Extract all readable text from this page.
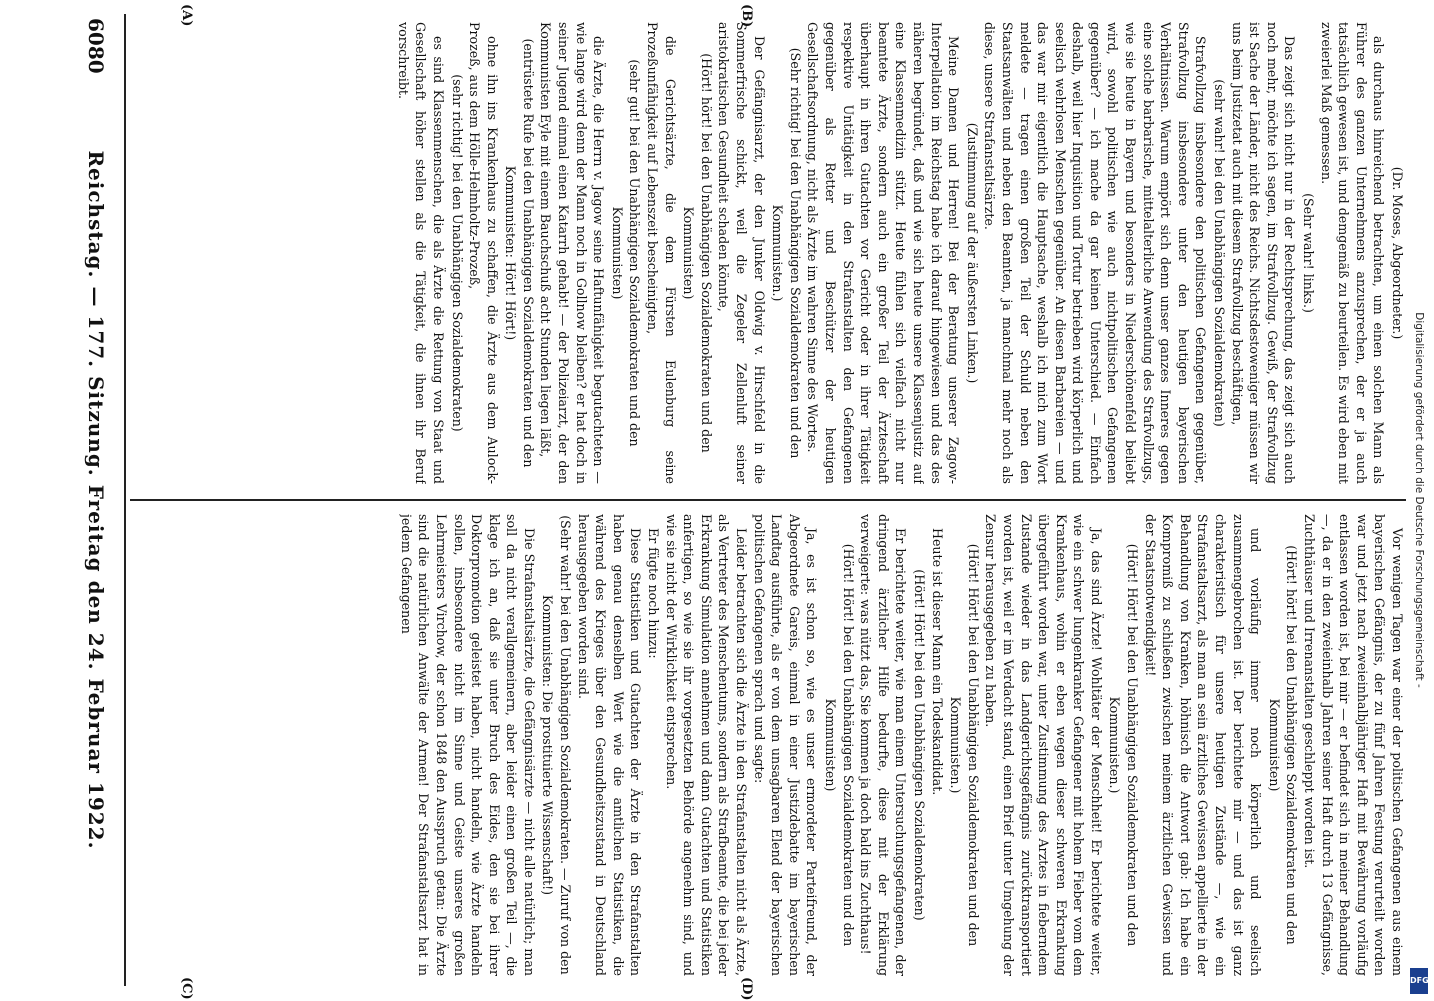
6080
Reichstag. — 177. Sitzung. Freitag den 24. Februar 1922.	(Dr. Moses, Abgeordneter.)

als durchaus hinreichend betrachten, um einen solchen Mann als Führer des ganzen Unternehmens anzusprechen, der er ja auch tatsächlich gewesen ist, und demgemäß zu beurteilen. Es wird eben mit zweierlei Maß gemessen.

(Sehr wahr! links.)

Das zeigt sich nicht nur in der Rechtsprechung, das zeigt sich auch noch mehr, möchte ich sagen, im Strafvollzug. Gewiß, der Strafvollzug ist Sache der Länder, nicht des Reichs. Nichtsdestoweniger müssen wir uns beim Justizetat auch mit diesem Strafvollzug beschäftigen,

(sehr wahr! bei den Unabhängigen Sozialdemokraten)

Strafvollzug insbesondere den politischen Gefangenen gegenüber, Strafvollzug insbesondere unter den heutigen bayerischen Verhältnissen. Warum empört sich denn unser ganzes Inneres gegen eine solche barbarische, mittelalterliche Anwendung des Strafvollzugs, wie sie heute in Bayern und besonders in Niederschönenfeld beliebt wird, sowohl politischen wie auch nichtpolitischen Gefangenen gegenüber? — ich mache da gar keinen Unterschied. — Einfach deshalb, weil hier Inquisition und Tortur betrieben wird körperlich und seelisch wehrlosen Menschen gegenüber. An diesen Barbareien — und das war mir eigentlich die Hauptsache, weshalb ich mich zum Wort meldete — tragen einen großen Teil der Schuld neben den Staatsanwälten und neben den Beamten, ja manchmal mehr noch als diese, unsere Strafanstaltsärzte.

(Zustimmung auf der äußersten Linken.)

Meine Damen und Herren! Bei der Beratung unserer Zagow-Interpellation im Reichstag habe ich darauf hingewiesen und das des näheren begründet, daß und wie sich heute unsere Klassenjustiz auf eine Klassenmedizin stützt. Heute fühlen sich vielfach nicht nur beamtete Ärzte, sondern auch ein großer Teil der Ärzteschaft überhaupt in ihren Gutachten vor Gericht oder in ihrer Tätigkeit respektive Untätigkeit in den Strafanstalten den Gefangenen gegenüber als Retter und Beschützer der heutigen Gesellschaftsordnung, nicht als Ärzte im wahren Sinne des Wortes.

(Sehr richtig! bei den Unabhängigen Sozialdemokraten und den Kommunisten.)

Der Gefängnisarzt, der den Junker Oldwig v. Hirschfeld in die Sommerfrische schickt, weil die Zegeler Zellenluft seiner aristokratischen Gesundheit schaden könnte,

(Hört! hört! bei den Unabhängigen Sozialdemokraten und den Kommunisten)

die Gerichtsärzte, die dem Fürsten Eulenburg seine Prozeßunfähigkeit auf Lebenszeit bescheinigten,

(sehr gut! bei den Unabhängigen Sozialdemokraten und den Kommunisten)

die Ärzte, die Herrn v. Jagow seine Haftunfähigkeit begutachteten — wie lange wird denn der Mann noch in Gollnow bleiben? er hat doch in seiner Jugend einmal einen Katarrh gehabt! — der Polizeiarzt, der den Kommunisten Eyle mit einem Bauchschuß acht Stunden liegen läßt,

(entrüstete Rufe bei den Unabhängigen Sozialdemokraten und den Kommunisten: Hört! Hört!)

ohne ihn ins Krankenhaus zu schaffen, die Ärzte aus dem Aulock-Prozeß, aus dem Hölle-Helmholtz-Prozeß,

(sehr richtig! bei den Unabhängigen Sozialdemokraten)

es sind Klassenmenschen, die als Ärzte die Rettung von Staat und Gesellschaft höher stellen als die Tätigkeit, die ihnen ihr Beruf vorschreibt.

Vor wenigen Tagen war einer der politischen Gefangenen aus einem bayerischen Gefängnis, der zu fünf Jahren Festung verurteilt worden war und jetzt nach zweieinhalbjähriger Haft mit Bewährung vorläufig entlassen worden ist, bei mir — er befindet sich in meiner Behandlung —, da er in den zweieinhalb Jahren seiner Haft durch 13 Gefängnisse, Zuchthäuser und Irrenanstalten geschleppt worden ist.

(Hört! hört! bei den Unabhängigen Sozialdemokraten und den Kommunisten)

und vorläufig immer noch körperlich und seelisch zusammengebrochen ist. Der berichtete mir — und das ist ganz charakteristisch für unsere heutigen Zustände —, wie ein Strafanstaltsarzt, als man an sein ärztliches Gewissen appellierte in der Behandlung von Kranken, höhnisch die Antwort gab: Ich habe ein Kompromiß zu schließen zwischen meinem ärztlichen Gewissen und der Staatsnotwendigkeit!

(Hört! Hört! bei den Unabhängigen Sozialdemokraten und den Kommunisten.)

Ja, das sind Ärzte! Wohltäter der Menschheit! Er berichtete weiter, wie ein schwer lungenkranker Gefangener mit hohem Fieber vom dem Krankenhaus, wohin er eben wegen dieser schweren Erkrankung übergeführt worden war, unter Zustimmung des Arztes in fieberndem Zustande wieder in das Landgerichtsgefängnis zurücktransportiert worden ist, weil er im Verdacht stand, einen Brief unter Umgehung der Zensur herausgegeben zu haben.

(Hört! Hört! bei den Unabhängigen Sozialdemokraten und den Kommunisten.)

Heute ist dieser Mann ein Todeskandidat.

(Hört! Hört! bei den Unabhängigen Sozialdemokraten)

Er berichtete weiter, wie man einem Untersuchungsgefangenen, der dringend ärztlicher Hilfe bedurfte, diese mit der Erklärung verweigerte: was nützt das, Sie kommen ja doch bald ins Zuchthaus!

(Hört! Hört! bei den Unabhängigen Sozialdemokraten und den Kommunisten)

Ja, es ist schon so, wie es unser ermordeter Parteifreund, der Abgeordnete Gareis, einmal in einer Justizdebatte im bayerischen Landtag ausführte, als er von dem unsagbaren Elend der bayerischen politischen Gefangenen sprach und sagte:

Leider betrachten sich die Ärzte in den Strafanstalten nicht als Ärzte, als Vertreter des Menschentums, sondern als Strafbeamte, die bei jeder Erkrankung Simulation annehmen und dann Gutachten und Statistiken anfertigen, so wie sie ihr vorgesetzten Behörde angenehm sind, und wie sie nicht der Wirklichkeit entsprechen.

Er fügte noch hinzu:

Diese Statistiken und Gutachten der Ärzte in den Strafanstalten haben genau denselben Wert wie die amtlichen Statistiken, die während des Krieges über den Gesundheitszustand in Deutschland herausgegeben worden sind.

(Sehr wahr! bei den Unabhängigen Sozialdemokraten. — Zuruf von den Kommunisten: Die prostituierte Wissenschaft!)

Die Strafanstaltsärzte, die Gefängnisärzte — nicht alle natürlich; man soll da nicht verallgemeinern, aber leider einen großen Teil —, die klage ich an, daß sie unter Bruch des Eides, den sie bei ihrer Doktorpromotion geleistet haben, nicht handeln, wie Ärzte handeln sollen, insbesondere nicht im Sinne und Geiste unseres großen Lehrmeisters Virchow, der schon 1848 den Ausspruch getan: Die Ärzte sind die natürlichen Anwälte der Armen! Der Strafanstaltsarzt hat in jedem Gefangenen

(A)	(B)
(C)	(D)
Digitalisierung gefördert durch die Deutsche Forschungsgemeinschaft -
DFG
